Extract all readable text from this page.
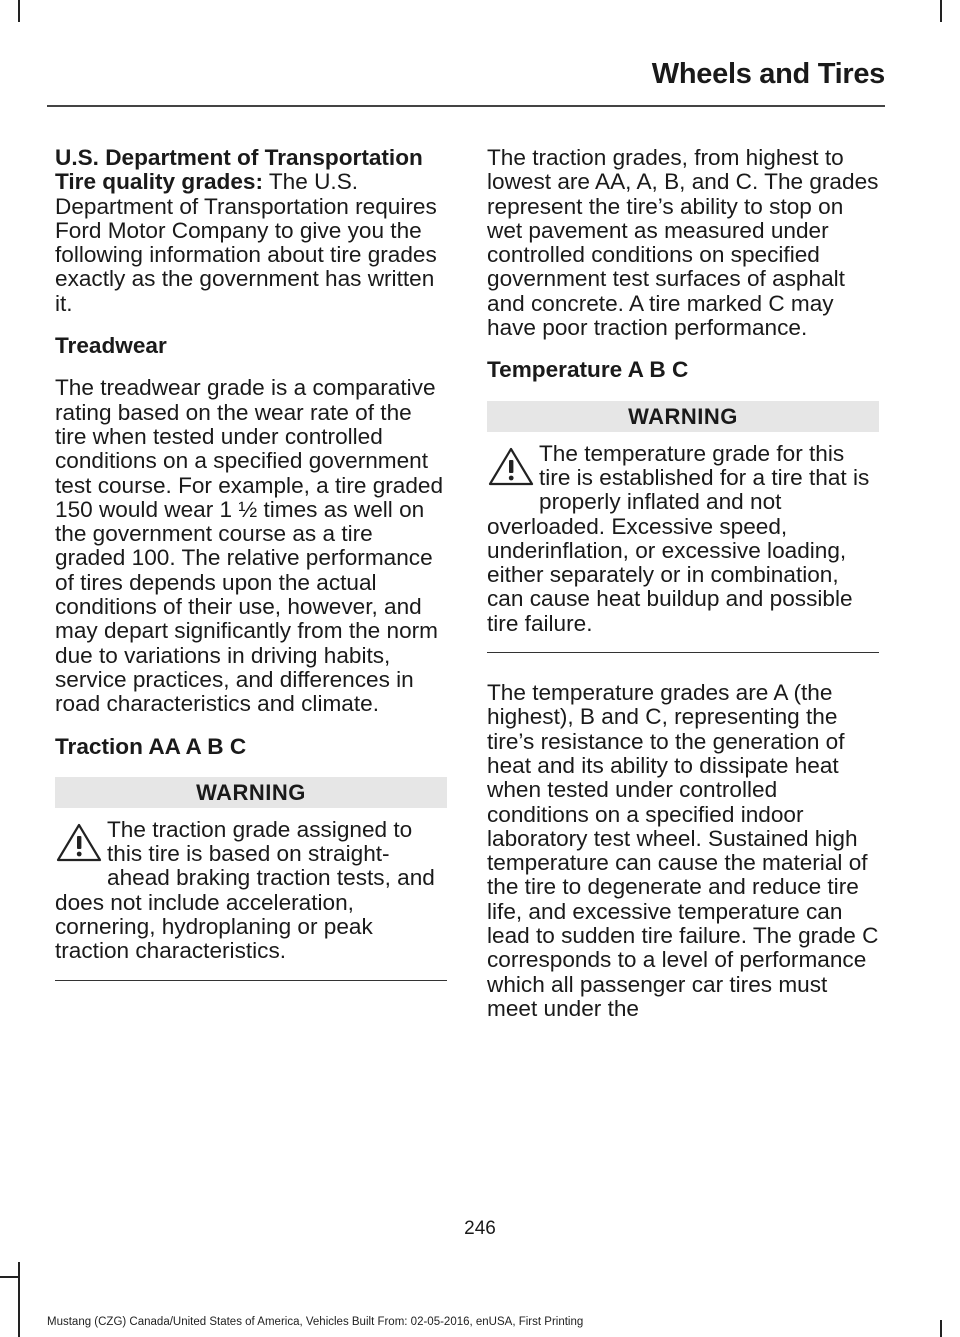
Wheels and Tires

U.S. Department of Transportation Tire quality grades: The U.S. Department of Transportation requires Ford Motor Company to give you the following information about tire grades exactly as the government has written it.

Treadwear

The treadwear grade is a comparative rating based on the wear rate of the tire when tested under controlled conditions on a specified government test course. For example, a tire graded 150 would wear 1 ½ times as well on the government course as a tire graded 100. The relative performance of tires depends upon the actual conditions of their use, however, and may depart significantly from the norm due to variations in driving habits, service practices, and differences in road characteristics and climate.

Traction AA A B C

WARNING
The traction grade assigned to this tire is based on straight-ahead braking traction tests, and does not include acceleration, cornering, hydroplaning or peak traction characteristics.

The traction grades, from highest to lowest are AA, A, B, and C. The grades represent the tire’s ability to stop on wet pavement as measured under controlled conditions on specified government test surfaces of asphalt and concrete. A tire marked C may have poor traction performance.

Temperature A B C

WARNING
The temperature grade for this tire is established for a tire that is properly inflated and not overloaded. Excessive speed, underinflation, or excessive loading, either separately or in combination, can cause heat buildup and possible tire failure.

The temperature grades are A (the highest), B and C, representing the tire’s resistance to the generation of heat and its ability to dissipate heat when tested under controlled conditions on a specified indoor laboratory test wheel. Sustained high temperature can cause the material of the tire to degenerate and reduce tire life, and excessive temperature can lead to sudden tire failure. The grade C corresponds to a level of performance which all passenger car tires must meet under the

246
Mustang (CZG) Canada/United States of America, Vehicles Built From: 02-05-2016, enUSA, First Printing
